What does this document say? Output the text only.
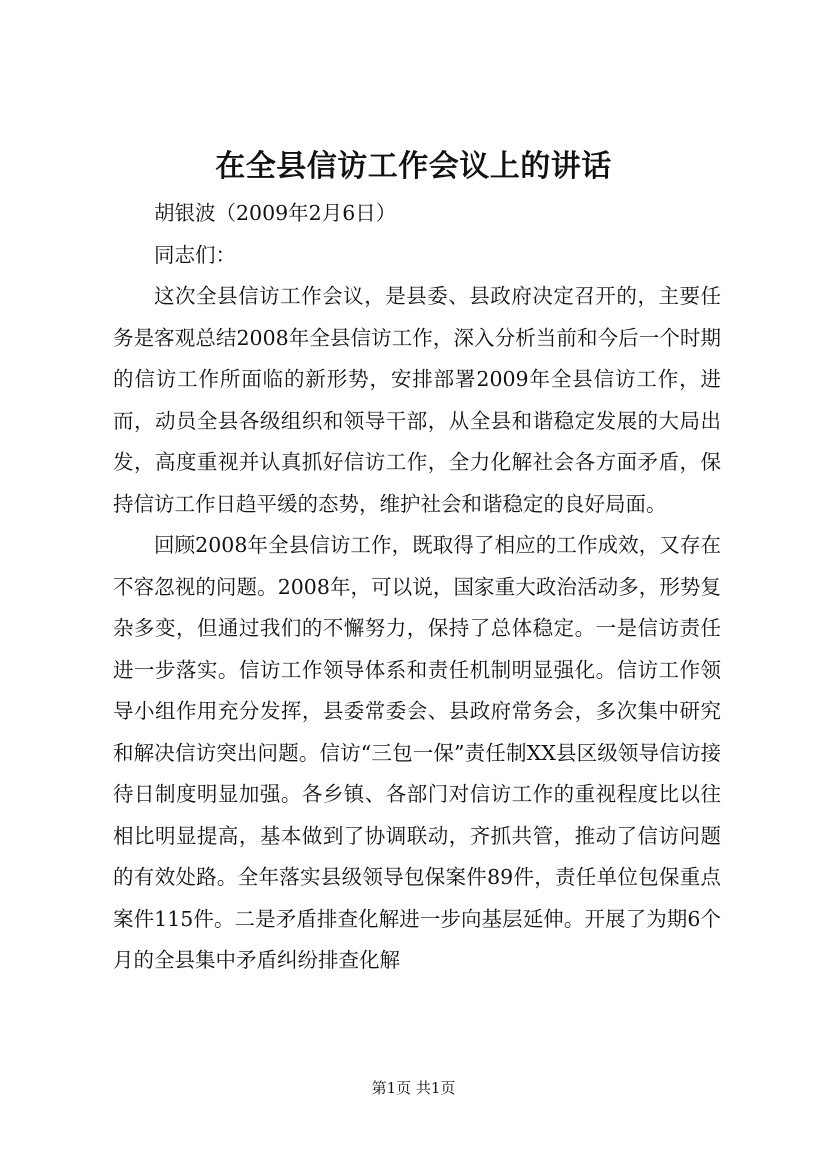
在全县信访工作会议上的讲话

胡银波（2009年2月6日）

同志们：

这次全县信访工作会议，是县委、县政府决定召开的，主要任务是客观总结2008年全县信访工作，深入分析当前和今后一个时期的信访工作所面临的新形势，安排部署2009年全县信访工作，进而，动员全县各级组织和领导干部，从全县和谐稳定发展的大局出发，高度重视并认真抓好信访工作，全力化解社会各方面矛盾，保持信访工作日趋平缓的态势，维护社会和谐稳定的良好局面。

回顾2008年全县信访工作，既取得了相应的工作成效，又存在不容忽视的问题。2008年，可以说，国家重大政治活动多，形势复杂多变，但通过我们的不懈努力，保持了总体稳定。一是信访责任进一步落实。信访工作领导体系和责任机制明显强化。信访工作领导小组作用充分发挥，县委常委会、县政府常务会，多次集中研究和解决信访突出问题。信访“三包一保”责任制XX县区级领导信访接待日制度明显加强。各乡镇、各部门对信访工作的重视程度比以往相比明显提高，基本做到了协调联动，齐抓共管，推动了信访问题的有效处路。全年落实县级领导包保案件89件，责任单位包保重点案件115件。二是矛盾排查化解进一步向基层延伸。开展了为期6个月的全县集中矛盾纠纷排查化解

第1页 共1页
